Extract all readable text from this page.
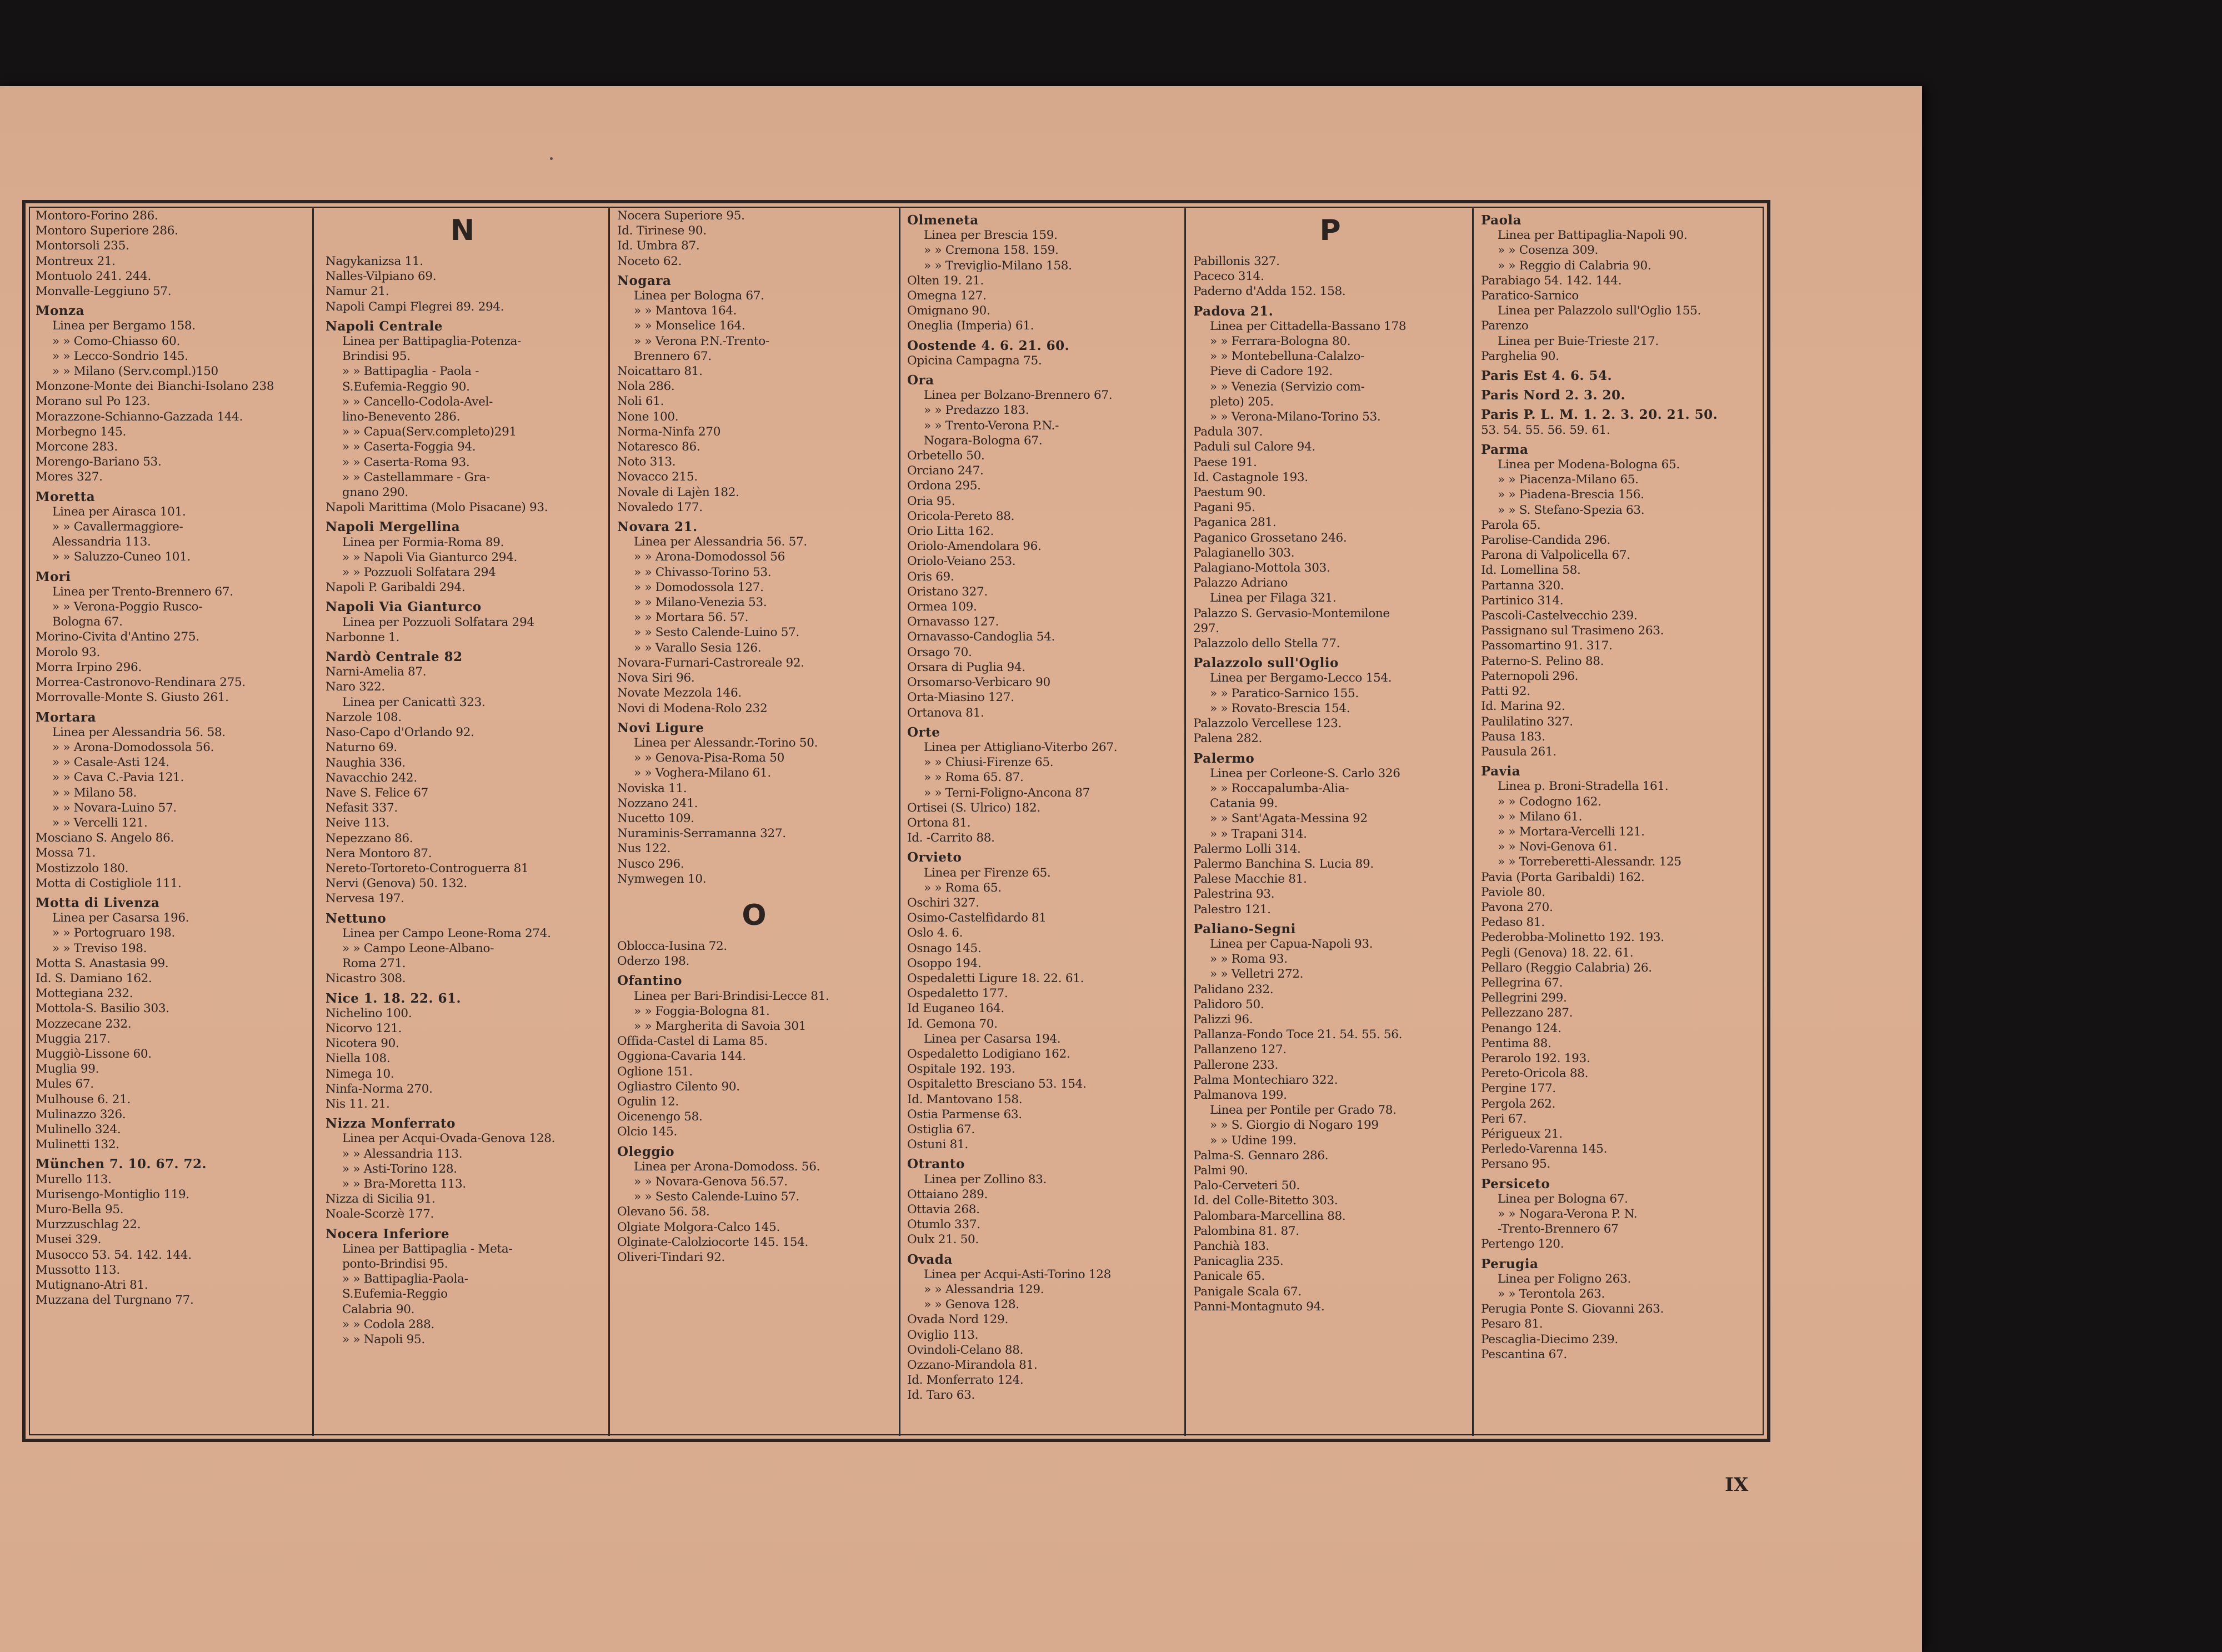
Montoro-Forino 286.
Montoro Superiore 286.
Montorsoli 235.
Montreux 21.
Montuolo 241. 244.
Monvalle-Leggiuno 57.
Monza
Linea per Bergamo 158.
» » Como-Chiasso 60.
» » Lecco-Sondrio 145.
» » Milano (Serv.compl.)150
Monzone-Monte dei Bianchi-Isolano 238
Morano sul Po 123.
Morazzone-Schianno-Gazzada 144.
Morbegno 145.
Morcone 283.
Morengo-Bariano 53.
Mores 327.
Moretta
Linea per Airasca 101.
» » Cavallermaggiore-
Alessandria 113.
» » Saluzzo-Cuneo 101.
Mori
Linea per Trento-Brennero 67.
» » Verona-Poggio Rusco-
Bologna 67.
Morino-Civita d'Antino 275.
Morolo 93.
Morra Irpino 296.
Morrea-Castronovo-Rendinara 275.
Morrovalle-Monte S. Giusto 261.
Mortara
Linea per Alessandria 56. 58.
» » Arona-Domodossola 56.
» » Casale-Asti 124.
» » Cava C.-Pavia 121.
» » Milano 58.
» » Novara-Luino 57.
» » Vercelli 121.
Mosciano S. Angelo 86.
Mossa 71.
Mostizzolo 180.
Motta di Costigliole 111.
Motta di Livenza
Linea per Casarsa 196.
» » Portogruaro 198.
» » Treviso 198.
Motta S. Anastasia 99.
Id. S. Damiano 162.
Mottegiana 232.
Mottola-S. Basilio 303.
Mozzecane 232.
Muggia 217.
Muggiò-Lissone 60.
Muglia 99.
Mules 67.
Mulhouse 6. 21.
Mulinazzo 326.
Mulinello 324.
Mulinetti 132.
München 7. 10. 67. 72.
Murello 113.
Murisengo-Montiglio 119.
Muro-Bella 95.
Murzzuschlag 22.
Musei 329.
Musocco 53. 54. 142. 144.
Mussotto 113.
Mutignano-Atri 81.
Muzzana del Turgnano 77.
N
Nagykanizsa 11.
Nalles-Vilpiano 69.
Namur 21.
Napoli Campi Flegrei 89. 294.
Napoli Centrale
Linea per Battipaglia-Potenza-
Brindisi 95.
» » Battipaglia - Paola -
S.Eufemia-Reggio 90.
» » Cancello-Codola-Avel-
lino-Benevento 286.
» » Capua(Serv.completo)291
» » Caserta-Foggia 94.
» » Caserta-Roma 93.
» » Castellammare - Gra-
gnano 290.
Napoli Marittima (Molo Pisacane) 93.
Napoli Mergellina
Linea per Formia-Roma 89.
» » Napoli Via Gianturco 294.
» » Pozzuoli Solfatara 294
Napoli P. Garibaldi 294.
Napoli Via Gianturco
Linea per Pozzuoli Solfatara 294
Narbonne 1.
Nardò Centrale 82
Narni-Amelia 87.
Naro 322.
Linea per Canicattì 323.
Narzole 108.
Naso-Capo d'Orlando 92.
Naturno 69.
Naughia 336.
Navacchio 242.
Nave S. Felice 67
Nefasit 337.
Neive 113.
Nepezzano 86.
Nera Montoro 87.
Nereto-Tortoreto-Controguerra 81
Nervi (Genova) 50. 132.
Nervesa 197.
Nettuno
Linea per Campo Leone-Roma 274.
» » Campo Leone-Albano-
Roma 271.
Nicastro 308.
Nice 1. 18. 22. 61.
Nichelino 100.
Nicorvo 121.
Nicotera 90.
Niella 108.
Nimega 10.
Ninfa-Norma 270.
Nis 11. 21.
Nizza Monferrato
Linea per Acqui-Ovada-Genova 128.
» » Alessandria 113.
» » Asti-Torino 128.
» » Bra-Moretta 113.
Nizza di Sicilia 91.
Noale-Scorzè 177.
Nocera Inferiore
Linea per Battipaglia - Meta-
ponto-Brindisi 95.
» » Battipaglia-Paola-
S.Eufemia-Reggio
Calabria 90.
» » Codola 288.
» » Napoli 95.
Nocera Superiore 95.
Id. Tirinese 90.
Id. Umbra 87.
Noceto 62.
Nogara
Linea per Bologna 67.
» » Mantova 164.
» » Monselice 164.
» » Verona P.N.-Trento-
Brennero 67.
Noicattaro 81.
Nola 286.
Noli 61.
None 100.
Norma-Ninfa 270
Notaresco 86.
Noto 313.
Novacco 215.
Novale di Lajèn 182.
Novaledo 177.
Novara 21.
Linea per Alessandria 56. 57.
» » Arona-Domodossol 56
» » Chivasso-Torino 53.
» » Domodossola 127.
» » Milano-Venezia 53.
» » Mortara 56. 57.
» » Sesto Calende-Luino 57.
» » Varallo Sesia 126.
Novara-Furnari-Castroreale 92.
Nova Siri 96.
Novate Mezzola 146.
Novi di Modena-Rolo 232
Novi Ligure
Linea per Alessandr.-Torino 50.
» » Genova-Pisa-Roma 50
» » Voghera-Milano 61.
Noviska 11.
Nozzano 241.
Nucetto 109.
Nuraminis-Serramanna 327.
Nus 122.
Nusco 296.
Nymwegen 10.
O
Oblocca-Iusina 72.
Oderzo 198.
Ofantino
Linea per Bari-Brindisi-Lecce 81.
» » Foggia-Bologna 81.
» » Margherita di Savoia 301
Offida-Castel di Lama 85.
Oggiona-Cavaria 144.
Oglione 151.
Ogliastro Cilento 90.
Ogulin 12.
Oicenengo 58.
Olcio 145.
Oleggio
Linea per Arona-Domodoss. 56.
» » Novara-Genova 56.57.
» » Sesto Calende-Luino 57.
Olevano 56. 58.
Olgiate Molgora-Calco 145.
Olginate-Calolziocorte 145. 154.
Oliveri-Tindari 92.
Olmeneta
Linea per Brescia 159.
» » Cremona 158. 159.
» » Treviglio-Milano 158.
Olten 19. 21.
Omegna 127.
Omignano 90.
Oneglia (Imperia) 61.
Oostende 4. 6. 21. 60.
Opicina Campagna 75.
Ora
Linea per Bolzano-Brennero 67.
» » Predazzo 183.
» » Trento-Verona P.N.-
Nogara-Bologna 67.
Orbetello 50.
Orciano 247.
Ordona 295.
Oria 95.
Oricola-Pereto 88.
Orio Litta 162.
Oriolo-Amendolara 96.
Oriolo-Veiano 253.
Oris 69.
Oristano 327.
Ormea 109.
Ornavasso 127.
Ornavasso-Candoglia 54.
Orsago 70.
Orsara di Puglia 94.
Orsomarso-Verbicaro 90
Orta-Miasino 127.
Ortanova 81.
Orte
Linea per Attigliano-Viterbo 267.
» » Chiusi-Firenze 65.
» » Roma 65. 87.
» » Terni-Foligno-Ancona 87
Ortisei (S. Ulrico) 182.
Ortona 81.
Id. -Carrito 88.
Orvieto
Linea per Firenze 65.
» » Roma 65.
Oschiri 327.
Osimo-Castelfidardo 81
Oslo 4. 6.
Osnago 145.
Osoppo 194.
Ospedaletti Ligure 18. 22. 61.
Ospedaletto 177.
Id Euganeo 164.
Id. Gemona 70.
Linea per Casarsa 194.
Ospedaletto Lodigiano 162.
Ospitale 192. 193.
Ospitaletto Bresciano 53. 154.
Id. Mantovano 158.
Ostia Parmense 63.
Ostiglia 67.
Ostuni 81.
Otranto
Linea per Zollino 83.
Ottaiano 289.
Ottavia 268.
Otumlo 337.
Oulx 21. 50.
Ovada
Linea per Acqui-Asti-Torino 128
» » Alessandria 129.
» » Genova 128.
Ovada Nord 129.
Oviglio 113.
Ovindoli-Celano 88.
Ozzano-Mirandola 81.
Id. Monferrato 124.
Id. Taro 63.
P
Pabillonis 327.
Paceco 314.
Paderno d'Adda 152. 158.
Padova 21.
Linea per Cittadella-Bassano 178
» » Ferrara-Bologna 80.
» » Montebelluna-Calalzo-
Pieve di Cadore 192.
» » Venezia (Servizio com-
pleto) 205.
» » Verona-Milano-Torino 53.
Padula 307.
Paduli sul Calore 94.
Paese 191.
Id. Castagnole 193.
Paestum 90.
Pagani 95.
Paganica 281.
Paganico Grossetano 246.
Palagianello 303.
Palagiano-Mottola 303.
Palazzo Adriano
Linea per Filaga 321.
Palazzo S. Gervasio-Montemilone
297.
Palazzolo dello Stella 77.
Palazzolo sull'Oglio
Linea per Bergamo-Lecco 154.
» » Paratico-Sarnico 155.
» » Rovato-Brescia 154.
Palazzolo Vercellese 123.
Palena 282.
Palermo
Linea per Corleone-S. Carlo 326
» » Roccapalumba-Alia-
Catania 99.
» » Sant'Agata-Messina 92
» » Trapani 314.
Palermo Lolli 314.
Palermo Banchina S. Lucia 89.
Palese Macchie 81.
Palestrina 93.
Palestro 121.
Paliano-Segni
Linea per Capua-Napoli 93.
» » Roma 93.
» » Velletri 272.
Palidano 232.
Palidoro 50.
Palizzi 96.
Pallanza-Fondo Toce 21. 54. 55. 56.
Pallanzeno 127.
Pallerone 233.
Palma Montechiaro 322.
Palmanova 199.
Linea per Pontile per Grado 78.
» » S. Giorgio di Nogaro 199
» » Udine 199.
Palma-S. Gennaro 286.
Palmi 90.
Palo-Cerveteri 50.
Id. del Colle-Bitetto 303.
Palombara-Marcellina 88.
Palombina 81. 87.
Panchià 183.
Panicaglia 235.
Panicale 65.
Panigale Scala 67.
Panni-Montagnuto 94.
Paola
Linea per Battipaglia-Napoli 90.
» » Cosenza 309.
» » Reggio di Calabria 90.
Parabiago 54. 142. 144.
Paratico-Sarnico
Linea per Palazzolo sull'Oglio 155.
Parenzo
Linea per Buie-Trieste 217.
Parghelia 90.
Paris Est 4. 6. 54.
Paris Nord 2. 3. 20.
Paris P. L. M. 1. 2. 3. 20. 21. 50.
53. 54. 55. 56. 59. 61.
Parma
Linea per Modena-Bologna 65.
» » Piacenza-Milano 65.
» » Piadena-Brescia 156.
» » S. Stefano-Spezia 63.
Parola 65.
Parolise-Candida 296.
Parona di Valpolicella 67.
Id. Lomellina 58.
Partanna 320.
Partinico 314.
Pascoli-Castelvecchio 239.
Passignano sul Trasimeno 263.
Passomartino 91. 317.
Paterno-S. Pelino 88.
Paternopoli 296.
Patti 92.
Id. Marina 92.
Paulilatino 327.
Pausa 183.
Pausula 261.
Pavia
Linea p. Broni-Stradella 161.
» » Codogno 162.
» » Milano 61.
» » Mortara-Vercelli 121.
» » Novi-Genova 61.
» » Torreberetti-Alessandr. 125
Pavia (Porta Garibaldi) 162.
Paviole 80.
Pavona 270.
Pedaso 81.
Pederobba-Molinetto 192. 193.
Pegli (Genova) 18. 22. 61.
Pellaro (Reggio Calabria) 26.
Pellegrina 67.
Pellegrini 299.
Pellezzano 287.
Penango 124.
Pentima 88.
Perarolo 192. 193.
Pereto-Oricola 88.
Pergine 177.
Pergola 262.
Peri 67.
Périgueux 21.
Perledo-Varenna 145.
Persano 95.
Persiceto
Linea per Bologna 67.
» » Nogara-Verona P. N.
-Trento-Brennero 67
Pertengo 120.
Perugia
Linea per Foligno 263.
» » Terontola 263.
Perugia Ponte S. Giovanni 263.
Pesaro 81.
Pescaglia-Diecimo 239.
Pescantina 67.
IX
